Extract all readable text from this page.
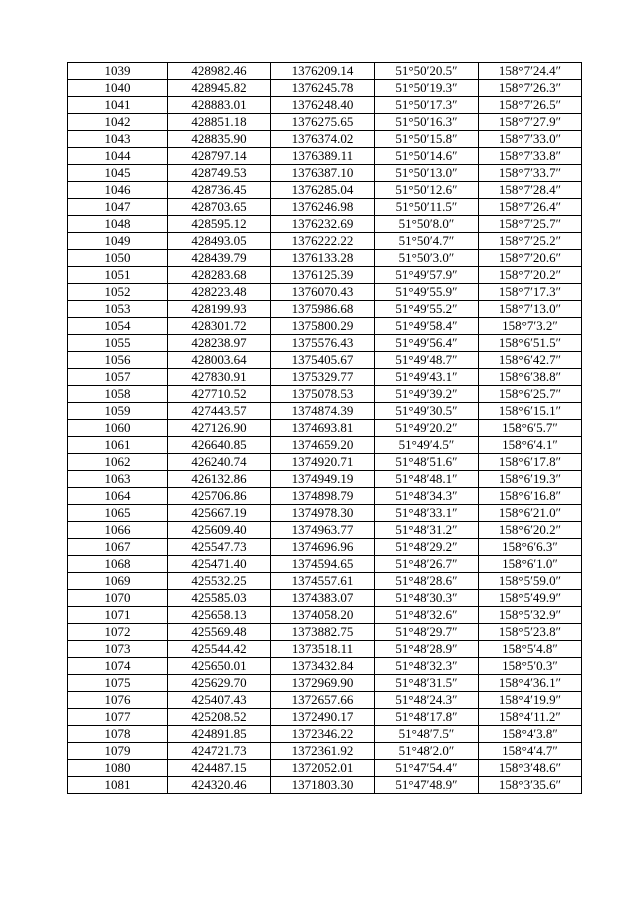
1039	428982.46	1376209.14	51°50′20.5″	158°7′24.4″
1040	428945.82	1376245.78	51°50′19.3″	158°7′26.3″
1041	428883.01	1376248.40	51°50′17.3″	158°7′26.5″
1042	428851.18	1376275.65	51°50′16.3″	158°7′27.9″
1043	428835.90	1376374.02	51°50′15.8″	158°7′33.0″
1044	428797.14	1376389.11	51°50′14.6″	158°7′33.8″
1045	428749.53	1376387.10	51°50′13.0″	158°7′33.7″
1046	428736.45	1376285.04	51°50′12.6″	158°7′28.4″
1047	428703.65	1376246.98	51°50′11.5″	158°7′26.4″
1048	428595.12	1376232.69	51°50′8.0″	158°7′25.7″
1049	428493.05	1376222.22	51°50′4.7″	158°7′25.2″
1050	428439.79	1376133.28	51°50′3.0″	158°7′20.6″
1051	428283.68	1376125.39	51°49′57.9″	158°7′20.2″
1052	428223.48	1376070.43	51°49′55.9″	158°7′17.3″
1053	428199.93	1375986.68	51°49′55.2″	158°7′13.0″
1054	428301.72	1375800.29	51°49′58.4″	158°7′3.2″
1055	428238.97	1375576.43	51°49′56.4″	158°6′51.5″
1056	428003.64	1375405.67	51°49′48.7″	158°6′42.7″
1057	427830.91	1375329.77	51°49′43.1″	158°6′38.8″
1058	427710.52	1375078.53	51°49′39.2″	158°6′25.7″
1059	427443.57	1374874.39	51°49′30.5″	158°6′15.1″
1060	427126.90	1374693.81	51°49′20.2″	158°6′5.7″
1061	426640.85	1374659.20	51°49′4.5″	158°6′4.1″
1062	426240.74	1374920.71	51°48′51.6″	158°6′17.8″
1063	426132.86	1374949.19	51°48′48.1″	158°6′19.3″
1064	425706.86	1374898.79	51°48′34.3″	158°6′16.8″
1065	425667.19	1374978.30	51°48′33.1″	158°6′21.0″
1066	425609.40	1374963.77	51°48′31.2″	158°6′20.2″
1067	425547.73	1374696.96	51°48′29.2″	158°6′6.3″
1068	425471.40	1374594.65	51°48′26.7″	158°6′1.0″
1069	425532.25	1374557.61	51°48′28.6″	158°5′59.0″
1070	425585.03	1374383.07	51°48′30.3″	158°5′49.9″
1071	425658.13	1374058.20	51°48′32.6″	158°5′32.9″
1072	425569.48	1373882.75	51°48′29.7″	158°5′23.8″
1073	425544.42	1373518.11	51°48′28.9″	158°5′4.8″
1074	425650.01	1373432.84	51°48′32.3″	158°5′0.3″
1075	425629.70	1372969.90	51°48′31.5″	158°4′36.1″
1076	425407.43	1372657.66	51°48′24.3″	158°4′19.9″
1077	425208.52	1372490.17	51°48′17.8″	158°4′11.2″
1078	424891.85	1372346.22	51°48′7.5″	158°4′3.8″
1079	424721.73	1372361.92	51°48′2.0″	158°4′4.7″
1080	424487.15	1372052.01	51°47′54.4″	158°3′48.6″
1081	424320.46	1371803.30	51°47′48.9″	158°3′35.6″
